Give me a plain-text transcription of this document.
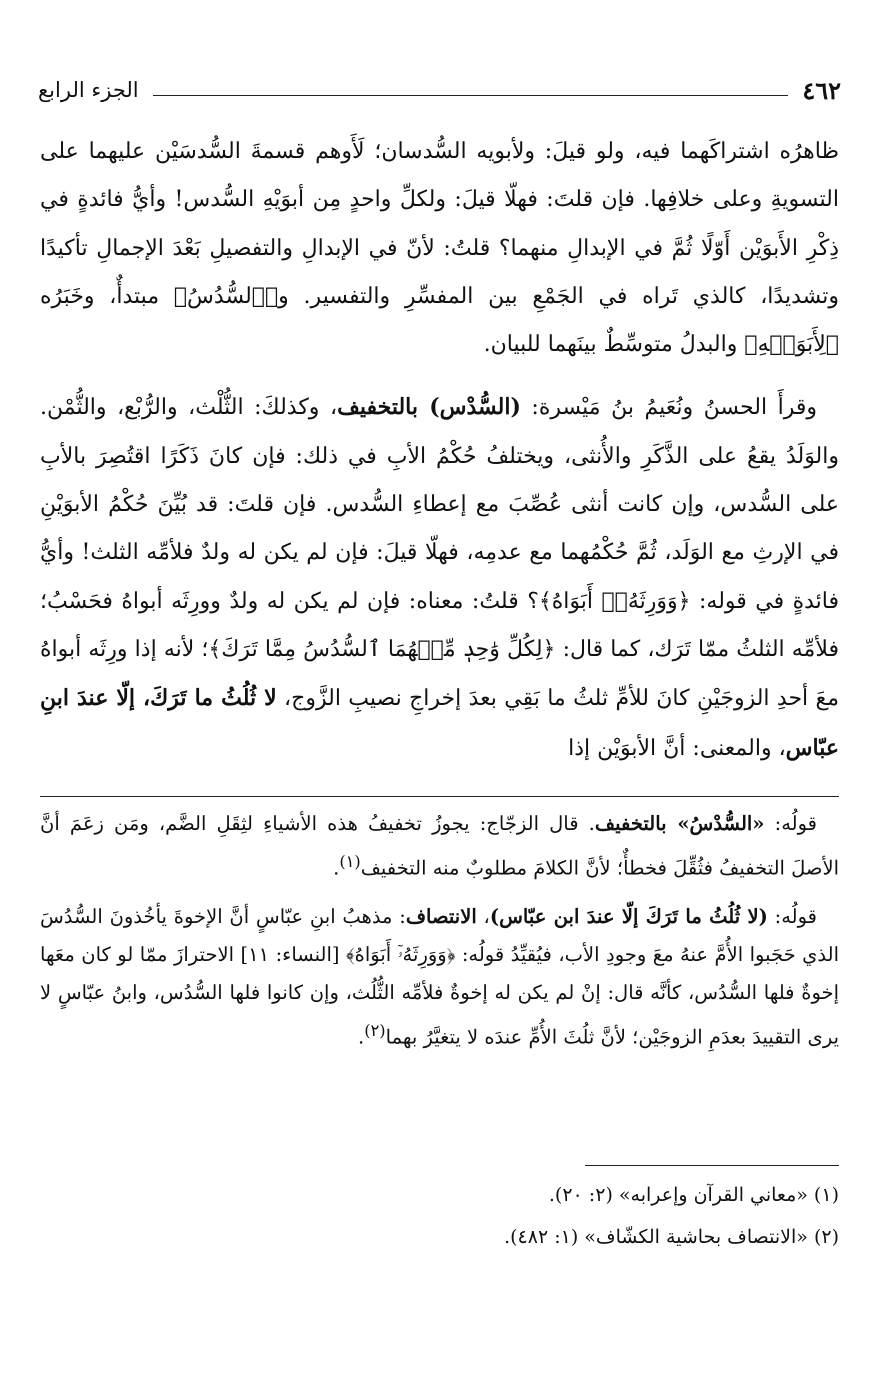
٤٦٢
الجزء الرابع

ظاهرُه اشتراكَهما فيه، ولو قيلَ: ولأبويه السُّدسان؛ لَأَوهم قسمةَ السُّدسَيْن عليهما على التسويةِ وعلى خلافِها. فإن قلتَ: فهلّا قيلَ: ولكلِّ واحدٍ مِن أبوَيْهِ السُّدس! وأيُّ فائدةٍ في ذِكْرِ الأَبوَيْن أَوّلًا ثُمَّ في الإبدالِ منهما؟ قلتُ: لأنّ في الإبدالِ والتفصيلِ بَعْدَ الإجمالِ تأكيدًا وتشديدًا، كالذي تَراه في الجَمْعِ بين المفسِّرِ والتفسير. و﴿ٱلسُّدُسُ﴾ مبتدأٌ، وخَبَرُه ﴿لِأَبَوَيۡهِ﴾ والبدلُ متوسِّطٌ بينَهما للبيان.

وقرأَ الحسنُ ونُعَيمُ بنُ مَيْسرة: (السُّدْس) بالتخفيف، وكذلكَ: الثُّلْث، والرُّبْع، والثُّمْن. والوَلَدُ يقعُ على الذَّكَرِ والأُنثى، ويختلفُ حُكْمُ الأبِ في ذلك: فإن كانَ ذَكَرًا اقتُصِرَ بالأبِ على السُّدس، وإن كانت أنثى عُصِّبَ مع إعطاءِ السُّدس. فإن قلتَ: قد بُيِّنَ حُكْمُ الأبوَيْنِ في الإرثِ مع الوَلَد، ثُمَّ حُكْمُهما مع عدمِه، فهلّا قيلَ: فإن لم يكن له ولدٌ فلأمِّه الثلث! وأيُّ فائدةٍ في قوله: ﴿وَوَرِثَهُۥٓ أَبَوَاهُ﴾؟ قلتُ: معناه: فإن لم يكن له ولدٌ وورِثَه أبواهُ فحَسْبُ؛ فلأمِّه الثلثُ ممّا تَرَك، كما قال: ﴿لِكُلِّ وَٰحِدٖ مِّنۡهُمَا ٱلسُّدُسُ مِمَّا تَرَكَ﴾؛ لأنه إذا ورِثَه أبواهُ معَ أحدِ الزوجَيْنِ كانَ للأمِّ ثلثُ ما بَقِي بعدَ إخراجِ نصيبِ الزَّوج، لا ثُلُثُ ما تَرَكَ، إلّا عندَ ابنِ عبّاس، والمعنى: أنَّ الأبوَيْن إذا

قولُه: «السُّدْسُ» بالتخفيف. قال الزجّاج: يجوزُ تخفيفُ هذه الأشياءِ لثِقَلِ الضَّم، ومَن زعَمَ أنَّ الأصلَ التخفيفُ فثُقِّلَ فخطأٌ؛ لأنَّ الكلامَ مطلوبٌ منه التخفيف$^{(١)}$.

قولُه: (لا ثُلُثُ ما تَرَكَ إلّا عندَ ابن عبّاس)، الانتصاف: مذهبُ ابنِ عبّاسٍ أنَّ الإخوةَ يأخُذونَ السُّدُسَ الذي حَجَبوا الأُمَّ عنهُ معَ وجودِ الأب، فيُقيِّدُ قولُه: ﴿وَوَرِثَهُۥٓ أَبَوَاهُ﴾ [النساء: ١١] الاحترازَ ممّا لو كان معَها إخوةٌ فلها السُّدُس، كأنَّه قال: إنْ لم يكن له إخوةٌ فلأمِّه الثُّلُث، وإن كانوا فلها السُّدُس، وابنُ عبّاسٍ لا يرى التقييدَ بعدَمِ الزوجَيْن؛ لأنَّ ثلُثَ الأُمِّ عندَه لا يتغيَّرُ بهما$^{(٢)}$.

(١) «معاني القرآن وإعرابه» (٢: ٢٠).

(٢) «الانتصاف بحاشية الكشّاف» (١: ٤٨٢).
